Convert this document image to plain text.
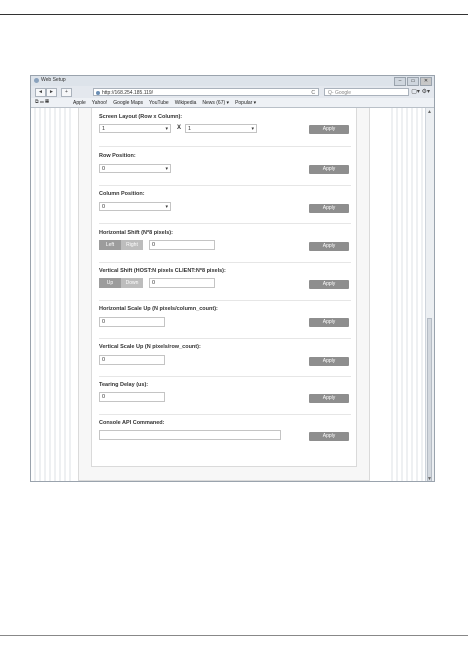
Web Setup	–	▭	✕
◄	►	+	http://168.254.185.119/	C	Q- Google	▢▾ ⚙▾
⧉ ▭ ▦	Apple Yahoo! Google Maps YouTube Wikipedia News (67) ▾ Popular ▾
Screen Layout (Row x Column):
1	▾ X	1	▾	Apply
Row Position:
0	▾	Apply
Column Position:
0	▾	Apply
Horizontal Shift (N*8 pixels):
Left	Right	0	Apply
Vertical Shift (HOST:N pixels CLIENT:N*8 pixels):
Up	Down	0	Apply
Horizontal Scale Up (N pixels/column_count):
0	Apply
Vertical Scale Up (N pixels/row_count):
0	Apply
Tearing Delay (us):
0	Apply
Console API Commaned:
Apply
▲
▼
